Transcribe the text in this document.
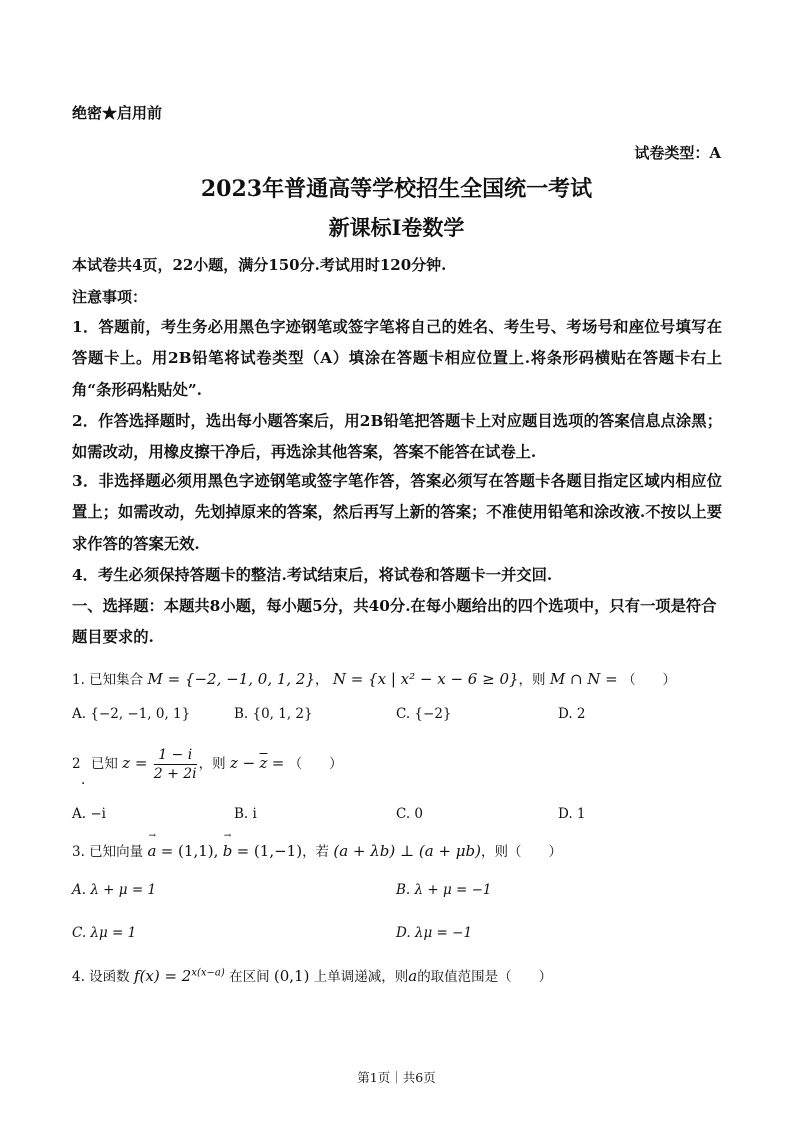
绝密★启用前
试卷类型：A
2023年普通高等学校招生全国统一考试
新课标Ⅰ卷数学
本试卷共4页，22小题，满分150分.考试用时120分钟.
注意事项：
1．答题前，考生务必用黑色字迹钢笔或签字笔将自己的姓名、考生号、考场号和座位号填写在答题卡上。用2B铅笔将试卷类型（A）填涂在答题卡相应位置上.将条形码横贴在答题卡右上角“条形码粘贴处”.
2．作答选择题时，选出每小题答案后，用2B铅笔把答题卡上对应题目选项的答案信息点涂黑；如需改动，用橡皮擦干净后，再选涂其他答案，答案不能答在试卷上.
3．非选择题必须用黑色字迹钢笔或签字笔作答，答案必须写在答题卡各题目指定区域内相应位置上；如需改动，先划掉原来的答案，然后再写上新的答案；不准使用铅笔和涂改液.不按以上要求作答的答案无效.
4．考生必须保持答题卡的整洁.考试结束后，将试卷和答题卡一并交回.
一、选择题：本题共8小题，每小题5分，共40分.在每小题给出的四个选项中，只有一项是符合题目要求的.
1. 已知集合 M = {−2, −1, 0, 1, 2}， N = {x | x² − x − 6 ≥ 0}，则 M ∩ N = （　　）
A. {−2, −1, 0, 1}	B. {0, 1, 2}	C. {−2}	D. 2
2
.
已知 $z = \frac{1 - i}{2 + 2i}$ ，则 $z - \overline{z}$ = （　　）
A. −i	B. i	C. 0	D. 1
3. 已知向量 → a = (1,1), → b = (1,−1)，若 (a + λb) ⊥ (a + μb)，则（　　）
A. λ + μ = 1	B. λ + μ = −1
C. λμ = 1	D. λμ = −1
4. 设函数 $f(x) = 2^{x(x-a)}$ 在区间 (0,1) 上单调递减，则a的取值范围是（　　）
第1页｜共6页
